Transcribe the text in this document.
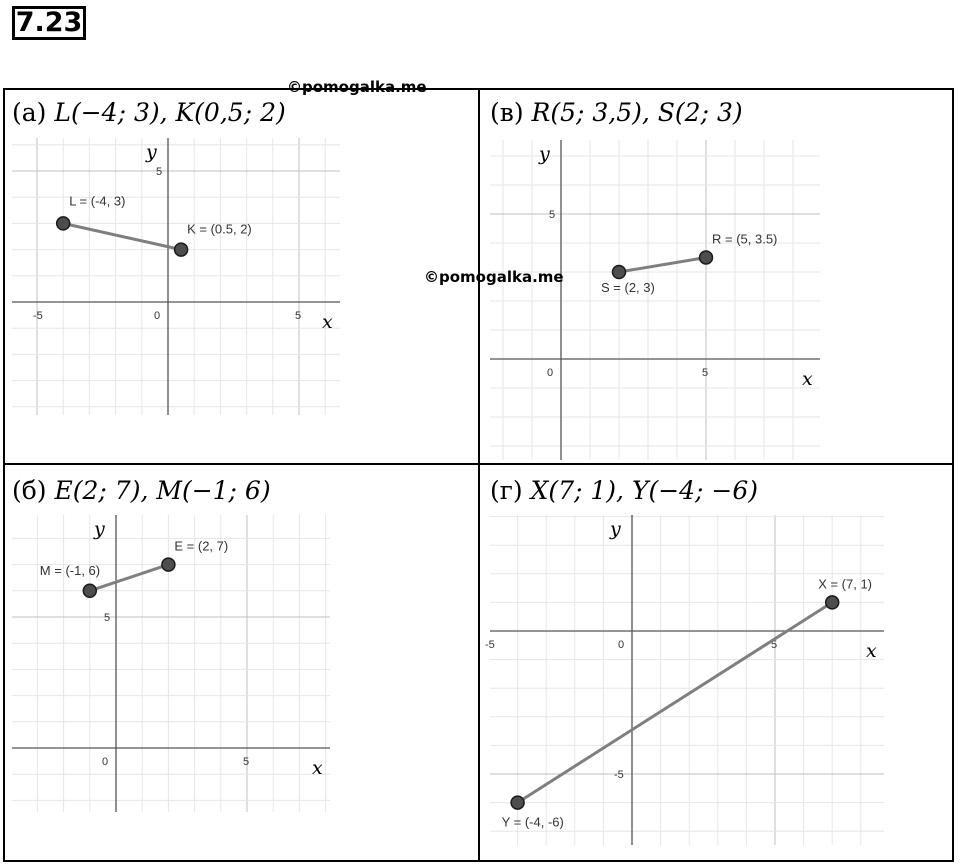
7.23
©pomogalka.me
(а) L(−4; 3), K(0,5; 2)	(в) R(5; 3,5), S(2; 3)
(б) E(2; 7), M(−1; 6)	(г) X(7; 1), Y(−4; −6)
-5	0	5
5
x
y
L = (-4, 3)
K = (0.5, 2)
0	5
5
x
y
R = (5, 3.5)
S = (2, 3)
0	5
5
x
y
E = (2, 7)
M = (-1, 6)
-5	0	5
-5
x
y
X = (7, 1)
Y = (-4, -6)
©pomogalka.me
